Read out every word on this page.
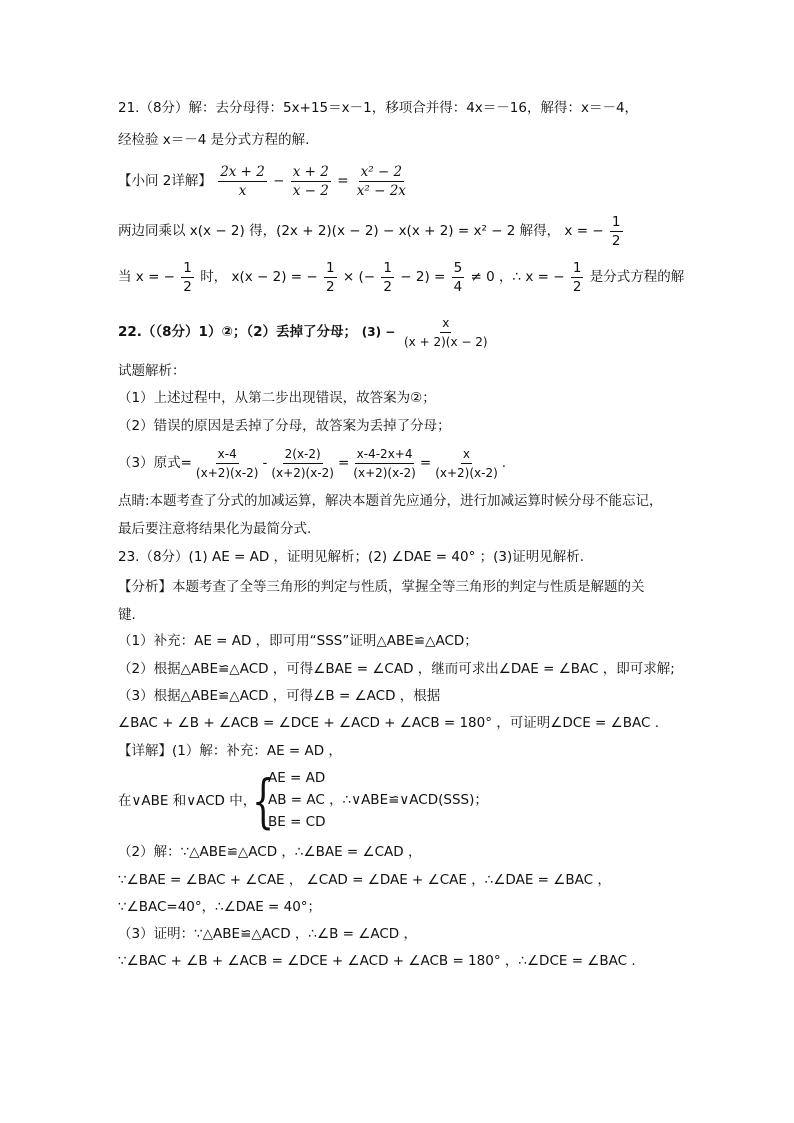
21.（8分）解：去分母得：5x+15＝x－1，移项合并得：4x＝－16，解得：x＝－4，
经检验 x＝－4 是分式方程的解.
【小问 2详解】 $\frac{2x + 2}{x} - \frac{x + 2}{x - 2} = \frac{\text{x² − 2}}{\text{x² − 2x}}$
两边同乘以 x(x − 2) 得，(2x + 2)(x − 2) − x(x + 2) = x² − 2 解得， x = − $\frac{1}{2}$
当 x = − $\frac{1}{2}$ 时， x(x − 2) = − $\frac{1}{2}$ × (− $\frac{1}{2} - 2) = \frac{5}{4} \ne 0$ ，∴ x = − $\frac{1}{2}$ 是分式方程的解
22.（（8分）1）②；（2）丢掉了分母； $(3) - \frac{x}{(x + 2)(x - 2)}$
试题解析：
（1）上述过程中，从第二步出现错误，故答案为②；
（2）错误的原因是丢掉了分母，故答案为丢掉了分母；
（3）原式= $\frac{x-4}{(x+2)(x-2)} - \frac{2(x-2)}{(x+2)(x-2)} = \frac{x-4-2x+4}{(x+2)(x-2)} = \frac{x}{(x+2)(x-2)}$ .
点睛:本题考查了分式的加减运算，解决本题首先应通分，进行加减运算时候分母不能忘记，
最后要注意将结果化为最简分式.
23.（8分）(1) AE = AD ，证明见解析；(2) ∠DAE = 40° ；(3)证明见解析.
【分析】本题考查了全等三角形的判定与性质，掌握全等三角形的判定与性质是解题的关
键.
（1）补充：AE = AD ，即可用“SSS”证明△ABE≌△ACD；
（2）根据△ABE≌△ACD ，可得∠BAE = ∠CAD ，继而可求出∠DAE = ∠BAC ，即可求解;
（3）根据△ABE≌△ACD ，可得∠B = ∠ACD ，根据
∠BAC + ∠B + ∠ACB = ∠DCE + ∠ACD + ∠ACB = 180° ，可证明∠DCE = ∠BAC .
【详解】(1）解：补充：AE = AD ，
在∨ABE 和∨ACD 中，
{
AE = AD
AB = AC ，∴∨ABE≌∨ACD(SSS)；
BE = CD
（2）解：∵△ABE≌△ACD ，∴∠BAE = ∠CAD ，
∵∠BAE = ∠BAC + ∠CAE ， ∠CAD = ∠DAE + ∠CAE ，∴∠DAE = ∠BAC ，
∵∠BAC=40°，∴∠DAE = 40°；
（3）证明：∵△ABE≌△ACD ，∴∠B = ∠ACD ，
∵∠BAC + ∠B + ∠ACB = ∠DCE + ∠ACD + ∠ACB = 180° ，∴∠DCE = ∠BAC .
